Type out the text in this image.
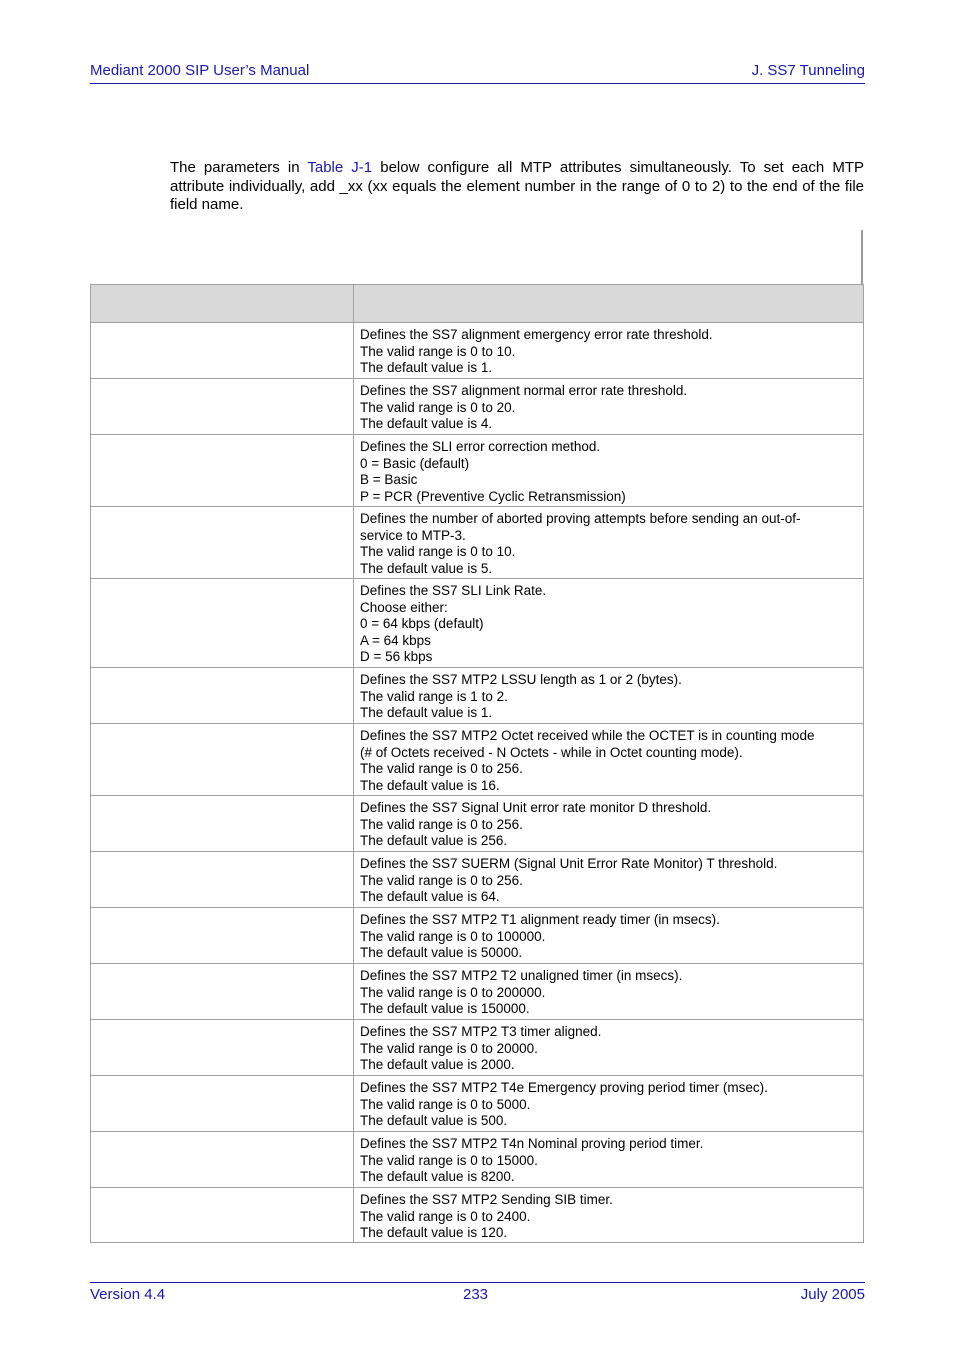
Mediant 2000 SIP User’s Manual	J. SS7 Tunneling

The parameters in Table J-1 below configure all MTP attributes simultaneously. To set each MTP attribute individually, add _xx (xx equals the element number in the range of 0 to 2) to the end of the file field name.

	Defines the SS7 alignment emergency error rate threshold.
The valid range is 0 to 10.
The default value is 1.

	Defines the SS7 alignment normal error rate threshold.
The valid range is 0 to 20.
The default value is 4.

	Defines the SLI error correction method.
0 = Basic (default)
B = Basic
P = PCR (Preventive Cyclic Retransmission)

	Defines the number of aborted proving attempts before sending an out-of-
service to MTP-3.
The valid range is 0 to 10.
The default value is 5.

	Defines the SS7 SLI Link Rate.
Choose either:
0 = 64 kbps (default)
A = 64 kbps
D = 56 kbps

	Defines the SS7 MTP2 LSSU length as 1 or 2 (bytes).
The valid range is 1 to 2.
The default value is 1.

	Defines the SS7 MTP2 Octet received while the OCTET is in counting mode
(# of Octets received - N Octets - while in Octet counting mode).
The valid range is 0 to 256.
The default value is 16.

	Defines the SS7 Signal Unit error rate monitor D threshold.
The valid range is 0 to 256.
The default value is 256.

	Defines the SS7 SUERM (Signal Unit Error Rate Monitor) T threshold.
The valid range is 0 to 256.
The default value is 64.

	Defines the SS7 MTP2 T1 alignment ready timer (in msecs).
The valid range is 0 to 100000.
The default value is 50000.

	Defines the SS7 MTP2 T2 unaligned timer (in msecs).
The valid range is 0 to 200000.
The default value is 150000.

	Defines the SS7 MTP2 T3 timer aligned.
The valid range is 0 to 20000.
The default value is 2000.

	Defines the SS7 MTP2 T4e Emergency proving period timer (msec).
The valid range is 0 to 5000.
The default value is 500.

	Defines the SS7 MTP2 T4n Nominal proving period timer.
The valid range is 0 to 15000.
The default value is 8200.

	Defines the SS7 MTP2 Sending SIB timer.
The valid range is 0 to 2400.
The default value is 120.
Version 4.4	233	July 2005
